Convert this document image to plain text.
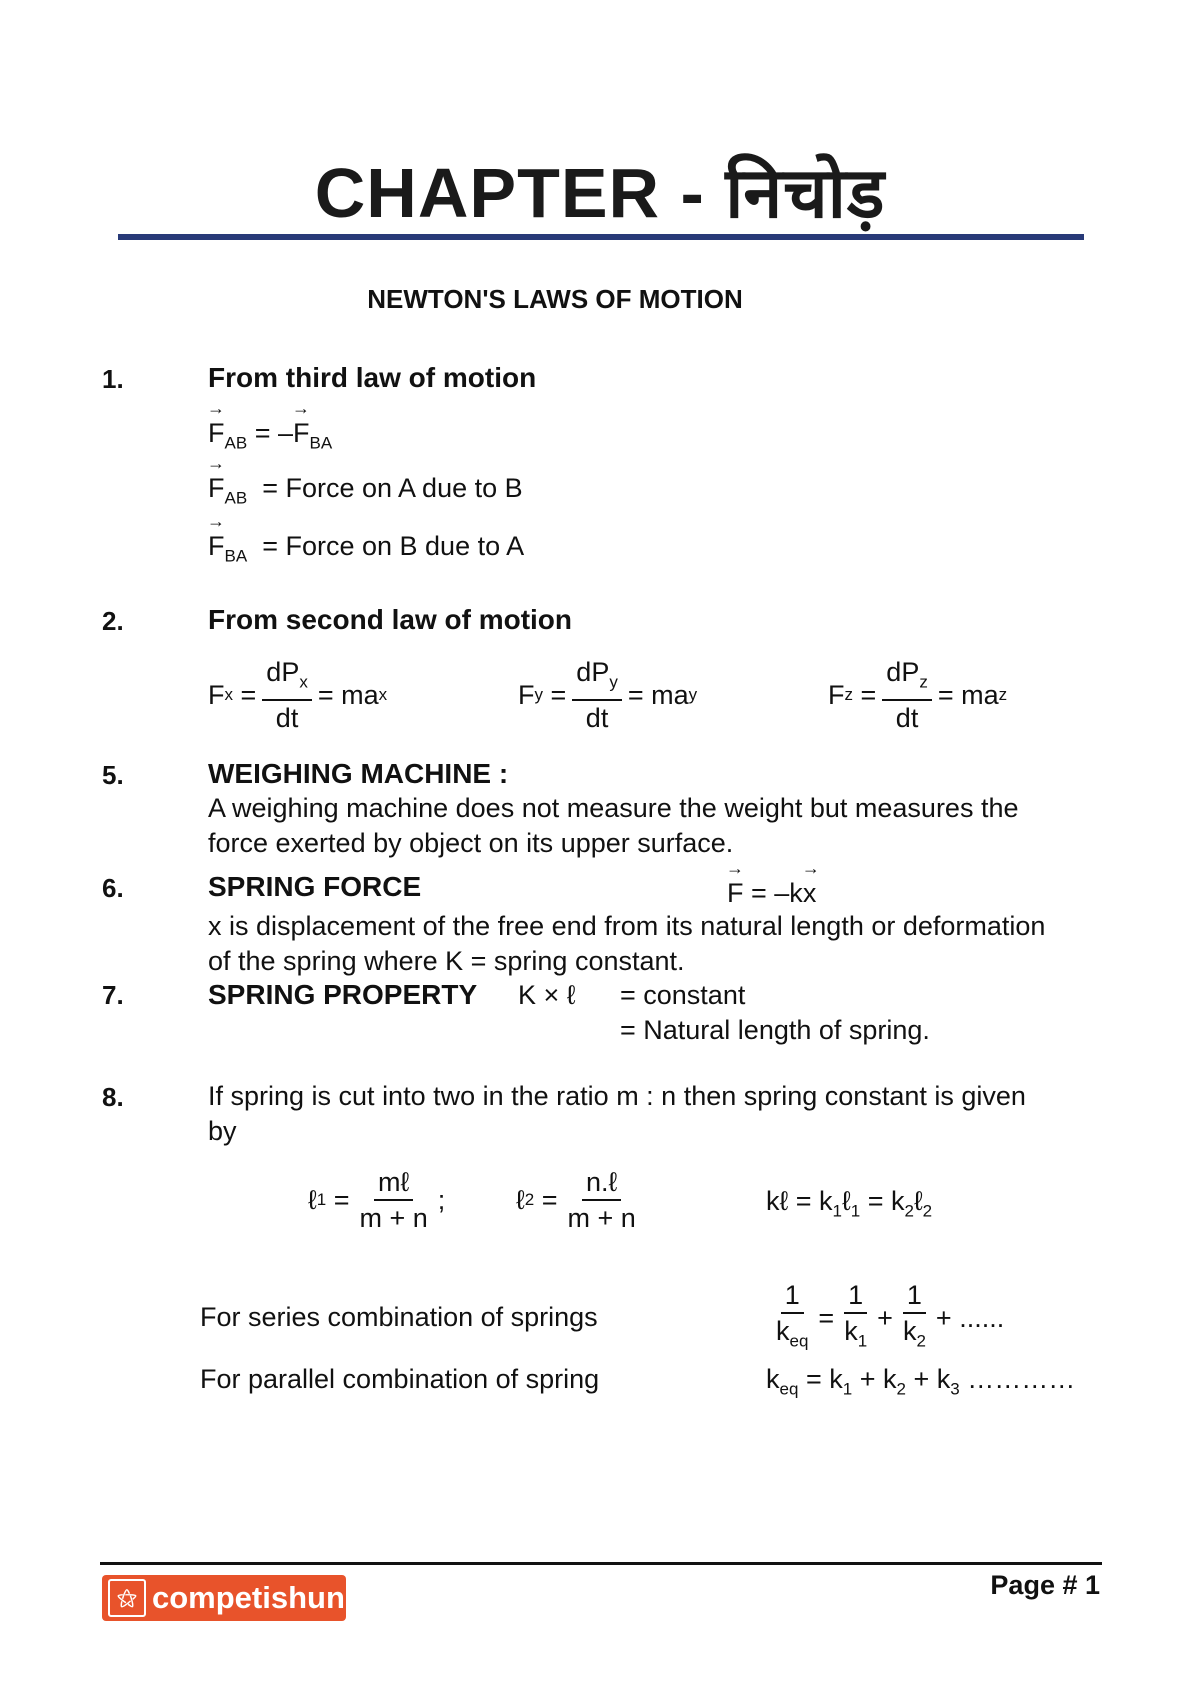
CHAPTER - निचोड़
NEWTON'S LAWS OF MOTION
1.	From third law of motion
→ $F_{AB}$ = –→ $F_{BA}$
→ $F_{AB}$ = Force on A due to B
→ $F_{BA}$ = Force on B due to A
2.	From second law of motion
F x
= $\frac{dP_x}{dt}$ = ma x	F y
= $\frac{dP_y}{dt}$ = ma y	F z
= $\frac{dP_z}{dt}$ = ma z
5.	WEIGHING MACHINE :
A weighing machine does not measure the weight but measures the
force exerted by object on its upper surface.
6.	SPRING FORCE
→	F = –k→ x
x is displacement of the free end from its natural length or deformation
of the spring where K = spring constant.
7.	SPRING PROPERTY K × ℓ = constant
= Natural length of spring.
8.	If spring is cut into two in the ratio m : n then spring constant is given
by
ℓ $1 = \frac{\text{mℓ}}{m + n}$ ;	ℓ $2 = \frac{\text{n.ℓ}}{m + n}$	kℓ = $k_1\ell_1$ = $k_2\ell_2$
For series combination of springs	$\frac{1}{k_{eq}} = \frac{1}{k_1} + \frac{1}{k_2}$ + ......
For parallel combination of spring	$k_{eq} = k_1 + k_2 + k_3$ …………
⚝ competishun	Page # 1
